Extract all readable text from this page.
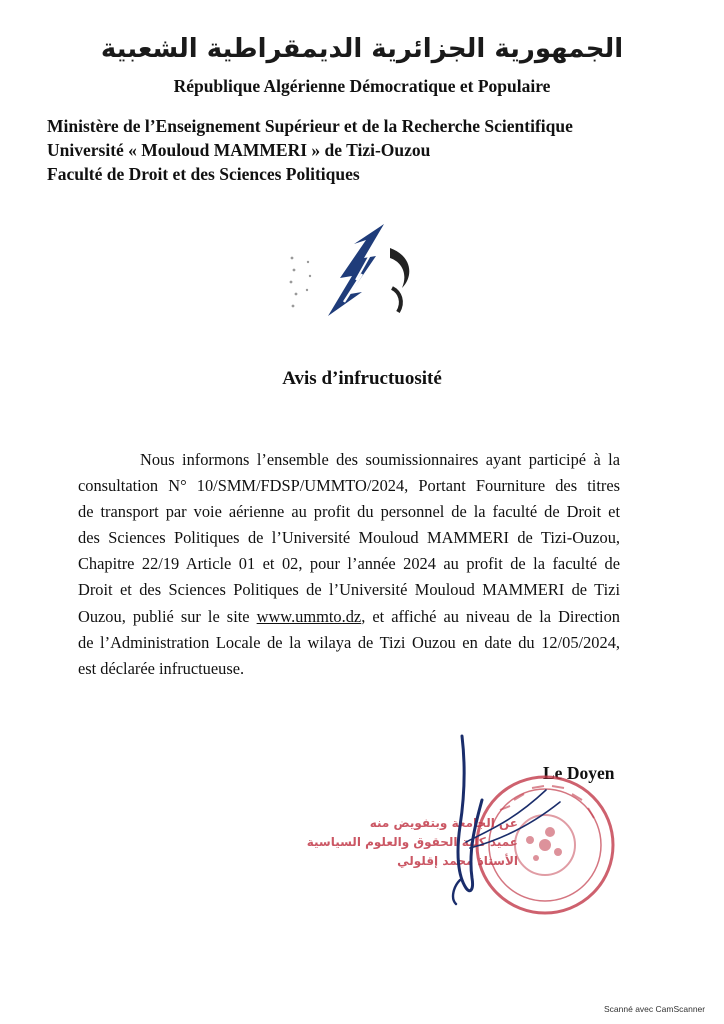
الجمهورية الجزائرية الديمقراطية الشعبية
République Algérienne Démocratique et Populaire
Ministère de l’Enseignement Supérieur et de la Recherche Scientifique
Université « Mouloud MAMMERI » de Tizi-Ouzou
Faculté de Droit et des Sciences Politiques
Avis d’infructuosité
Nous informons l’ensemble des soumissionnaires ayant participé à la
consultation N° 10/SMM/FDSP/UMMTO/2024, Portant Fourniture des titres
de transport par voie aérienne au profit du personnel de la faculté de Droit et
des Sciences Politiques de l’Université Mouloud MAMMERI de Tizi-Ouzou,
Chapitre 22/19 Article 01 et 02, pour l’année 2024 au profit de la faculté de
Droit et des Sciences Politiques de l’Université Mouloud MAMMERI de Tizi
Ouzou, publié sur le site www.ummto.dz, et affiché au niveau de la Direction
de l’Administration Locale de la wilaya de Tizi Ouzou en date du 12/05/2024,
est déclarée infructueuse.
Le Doyen
عن الجامعة وبتفويض منه
عميد كلية الحقوق والعلوم السياسية
الأستاذ محمد إقلولي
Scanné avec CamScanner
